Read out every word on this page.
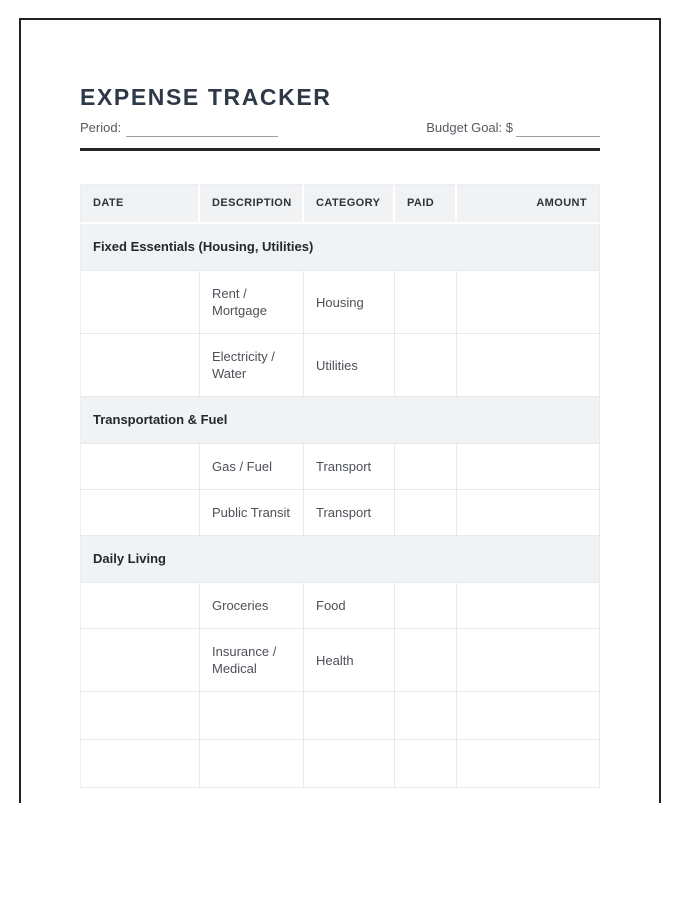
EXPENSE TRACKER
Period:	Budget Goal: $
DATE	DESCRIPTION	CATEGORY	PAID	AMOUNT
Fixed Essentials (Housing, Utilities)				
	Rent / Mortgage	Housing		
	Electricity / Water	Utilities		
Transportation & Fuel				
	Gas / Fuel	Transport		
	Public Transit	Transport		
Daily Living				
	Groceries	Food		
	Insurance / Medical	Health		
